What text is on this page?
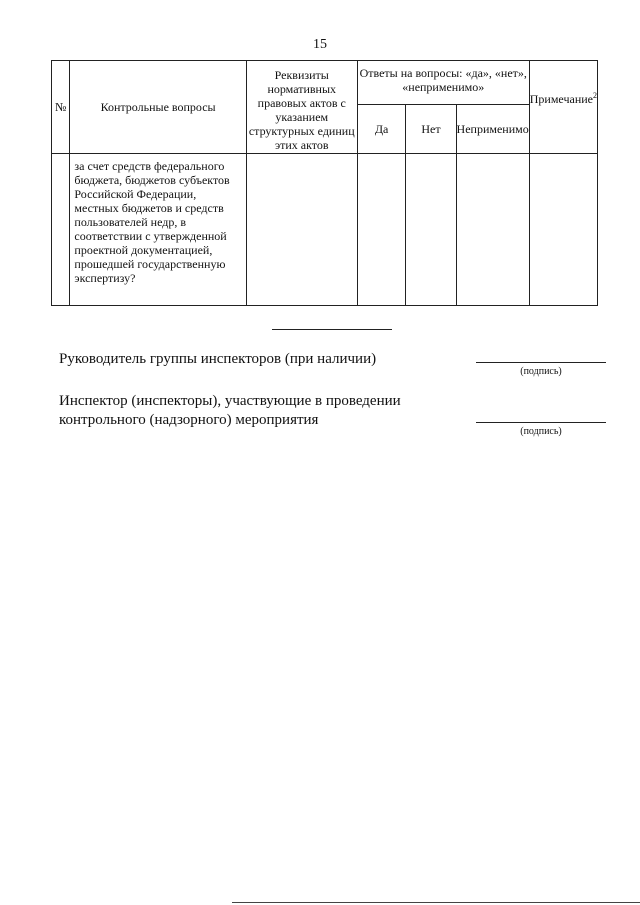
15
№	Контрольные вопросы	Реквизиты нормативных правовых актов с указанием структурных единиц этих актов	Ответы на вопросы: «да», «нет», «неприменимо»			Примечание$^2$
			Да	Нет	Неприменимо	
	за счет средств федерального бюджета, бюджетов субъектов Российской Федерации, местных бюджетов и средств пользователей недр, в соответствии с утвержденной проектной документацией, прошедшей государственную экспертизу?					
Руководитель группы инспекторов (при наличии)
(подпись)
Инспектор (инспекторы), участвующие в проведении контрольного (надзорного) мероприятия
(подпись)
